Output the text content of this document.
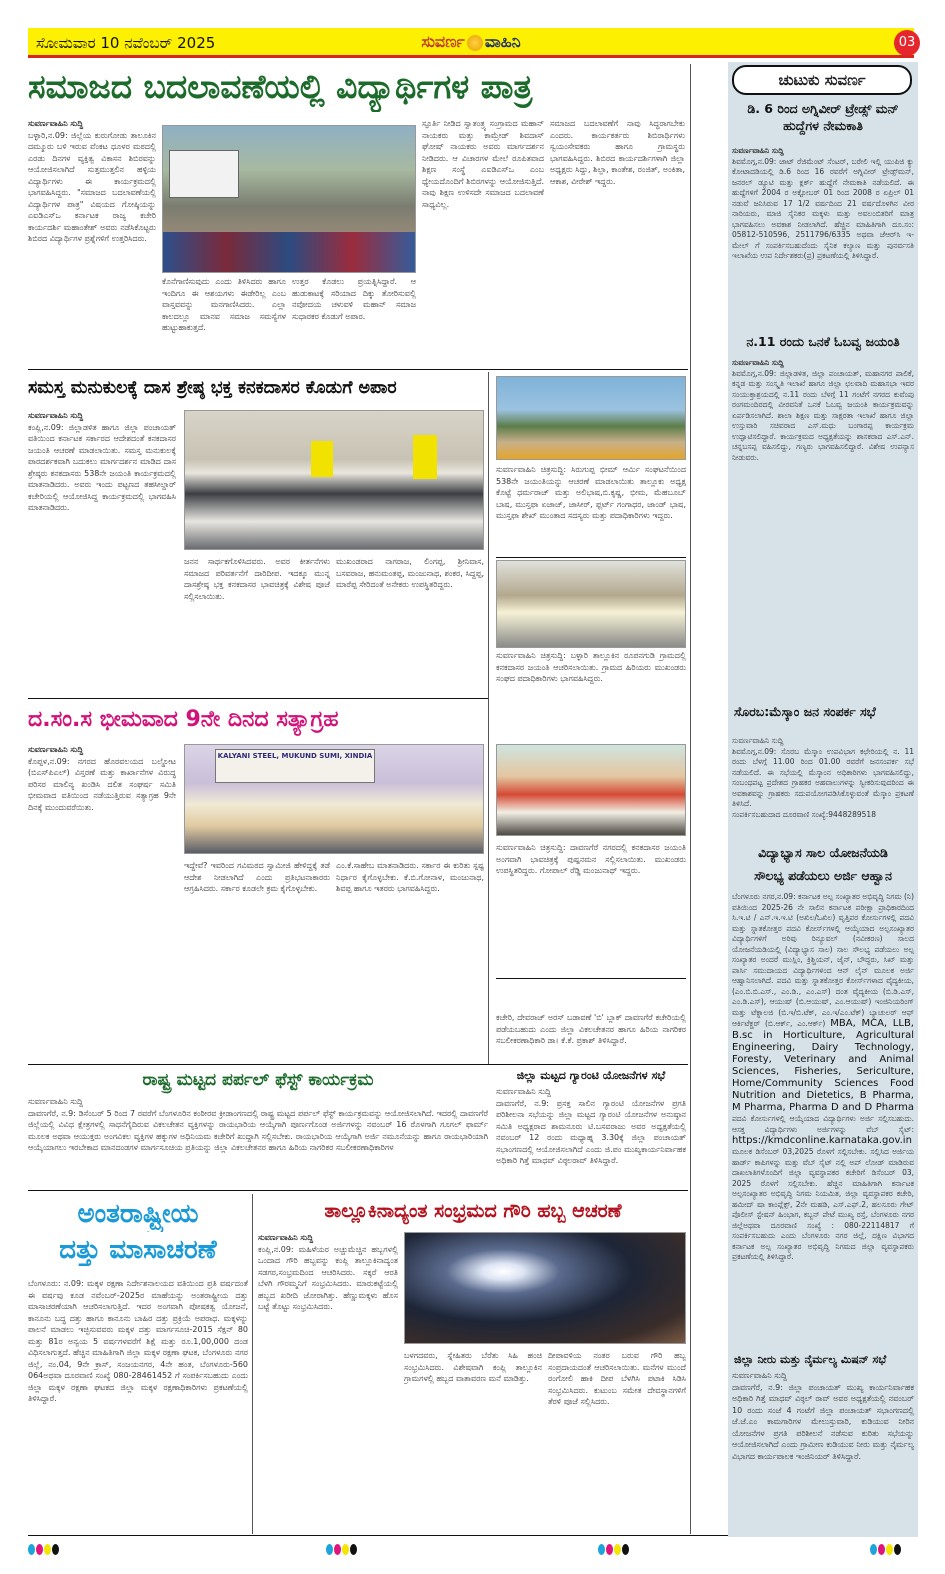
ಸೋಮವಾರ 10 ನವೆಂಬರ್ 2025	ಸುವರ್ಣ ವಾಹಿನಿ	03
ಸಮಾಜದ ಬದಲಾವಣೆಯಲ್ಲಿ ವಿದ್ಯಾರ್ಥಿಗಳ ಪಾತ್ರ
ಸುವರ್ಣವಾಹಿನಿ ಸುದ್ದಿ
ಬಳ್ಳಾರಿ,ನ.09: ಜಿಲ್ಲೆಯ ಕುರುಗೋಡು ತಾಲೂಕಿನ ದಮ್ಮೂರು ಬಳಿ ಇರುವ ವೆಂಕಟ ಧೂಳರ ಮಠದಲ್ಲಿ ಎರಡು ದಿನಗಳ ವ್ಯಕ್ತಿತ್ವ ವಿಕಾಸನ ಶಿಬಿರವನ್ನು ಆಯೋಜಿಸಲಾಗಿದೆ ಸುತ್ತಮುತ್ತಲಿನ ಹಳ್ಳಿಯ ವಿದ್ಯಾರ್ಥಿಗಳು ಈ ಕಾರ್ಯಕ್ರಮದಲ್ಲಿ ಭಾಗವಹಿಸಿದ್ದರು. "ಸಮಾಜದ ಬದಲಾವಣೆಯಲ್ಲಿ ವಿದ್ಯಾರ್ಥಿಗಳ ಪಾತ್ರ" ವಿಷಯದ ಗೋಷ್ಠಿಯನ್ನು ಎಐಡಿಎಸ್‌ಒ ಕರ್ನಾಟಕ ರಾಜ್ಯ ಕಚೇರಿ ಕಾರ್ಯದರ್ಶಿ ಮಹಾಂತೇಶ್ ಅವರು ನಡೆಸಿಕೊಟ್ಟರು ಶಿಬಿರದ ವಿದ್ಯಾರ್ಥಿಗಳ ಪ್ರಶ್ನೆಗಳಿಗೆ ಉತ್ತರಿಸಿದರು.
ಕೊನೆಗಾಣಿಸುವುದು ಎಂದು ತಿಳಿಸಿದರು ಹಾಗೂ ಇಂದಿಗೂ ಈ ಆಶಯಗಳು ಈಡೇರಿಲ್ಲ ಎಂಬ ವಾಸ್ತವವನ್ನು ಮನಗಾಣಿಸಿದರು. ಎಲ್ಲಾ ಕಾಲದಲ್ಲೂ ಮಾನವ ಸಮಾಜ ಸಮಸ್ಯೆಗಳ ಹುಟ್ಟುಹಾಕುತ್ತದೆ.
ಉತ್ತರ ಕೊಡಲು ಪ್ರಯತ್ನಿಸಿದ್ದಾರೆ. ಆ ಹುಡುಕಾಟಕ್ಕೆ ಸರಿಯಾದ ದಿಕ್ಕು ತೋರಿಸುವಲ್ಲಿ ನವೋದಯ ಚಳುವಳಿ ಮಹಾನ್ ಸಮಾಜ ಸುಧಾರಕರ ಕೊಡುಗೆ ಅಪಾರ.
ಸ್ಫೂರ್ತಿ ನೀಡಿದ ಸ್ವಾತಂತ್ರ್ಯ ಸಂಗ್ರಾಮದ ಮಹಾನ್ ನಾಯಕರು ಮತ್ತು ಕಾಮ್ರೇಡ್ ಶಿವದಾಸ್ ಘೋಷ್ ನಾಯಕರು ಅವರು ಮಾರ್ಗದರ್ಶನ ನೀಡಿದರು. ಆ ವಿಚಾರಗಳ ಮೇಲೆ ರೂಪಿತವಾದ ಶಿಕ್ಷಣ ಸಂಸ್ಥೆ ಎಐಡಿಎಸ್‌ಒ ಎಂಬ ಧ್ಯೇಯದೊಂದಿಗೆ ಶಿಬಿರಗಳನ್ನು ಆಯೋಜಿಸುತ್ತಿದೆ. ನಾವು ಶಿಕ್ಷಣ ಉಳಿಸದೇ ಸಮಾಜದ ಬದಲಾವಣೆ ಸಾಧ್ಯವಿಲ್ಲ.
ಸಮಾಜದ ಬದಲಾವಣೆಗೆ ನಾವು ಸಿದ್ಧರಾಗಬೇಕು ಎಂದರು. ಕಾರ್ಯಕರ್ತರು ಶಿಬಿರಾರ್ಥಿಗಳು ಸ್ವಯಂಸೇವಕರು ಹಾಗೂ ಗ್ರಾಮಸ್ಥರು ಭಾಗವಹಿಸಿದ್ದರು. ಶಿಬಿರದ ಕಾರ್ಯದರ್ಶಿಗಳಾಗಿ ಜಿಲ್ಲಾ ಅಧ್ಯಕ್ಷರು ಸಿದ್ದು, ಶಿಲ್ಪಾ, ಕಾಂತೇಶ, ರಂಜಿತ್, ಅಂಕಿತಾ, ಆಕಾಶ, ವೀರೇಶ್ ಇದ್ದರು.
ಸಮಸ್ತ ಮನುಕುಲಕ್ಕೆ ದಾಸ ಶ್ರೇಷ್ಠ ಭಕ್ತ ಕನಕದಾಸರ ಕೊಡುಗೆ ಅಪಾರ
ಸುವರ್ಣವಾಹಿನಿ ಸುದ್ದಿ
ಕಂಪ್ಲಿ,ನ.09: ಜಿಲ್ಲಾಡಳಿತ ಹಾಗೂ ಜಿಲ್ಲಾ ಪಂಚಾಯತ್ ವತಿಯಿಂದ ಕರ್ನಾಟಕ ಸರ್ಕಾರದ ಆದೇಶದಂತೆ ಕನಕದಾಸರ ಜಯಂತಿ ಆಚರಣೆ ಮಾಡಲಾಯಿತು. ಸಮಸ್ತ ಮನುಕುಲಕ್ಕೆ ಪಾರದರ್ಶಕವಾಗಿ ಬದುಕಲು ಮಾರ್ಗದರ್ಶನ ಮಾಡಿದ ದಾಸ ಶ್ರೇಷ್ಠರು ಕನಕದಾಸರು 538ನೇ ಜಯಂತಿ ಕಾರ್ಯಕ್ರಮದಲ್ಲಿ ಮಾತನಾಡಿದರು. ಅವರು ಇಂದು ಪಟ್ಟಣದ ತಹಸೀಲ್ದಾರ್ ಕಚೇರಿಯಲ್ಲಿ ಆಯೋಜಿಸಿದ್ದ ಕಾರ್ಯಕ್ರಮದಲ್ಲಿ ಭಾಗವಹಿಸಿ ಮಾತನಾಡಿದರು.
ಜನನ ಸಾರ್ಥಕಗೊಳಿಸಿದವರು. ಅವರ ಕೀರ್ತನೆಗಳು ಸಮಾಜದ ಪರಿವರ್ತನೆಗೆ ದಾರಿದೀಪ. ಇದಕ್ಕೂ ಮುನ್ನ ದಾಸಶ್ರೇಷ್ಠ ಭಕ್ತ ಕನಕದಾಸರ ಭಾವಚಿತ್ರಕ್ಕೆ ವಿಶೇಷ ಪೂಜೆ ಸಲ್ಲಿಸಲಾಯಿತು.
ಮುಖಂಡರಾದ ನಾಗರಾಜ, ಲಿಂಗಪ್ಪ, ಶ್ರೀನಿವಾಸ, ಬಸವರಾಜ, ಹನುಮಂತಪ್ಪ, ಮಂಜುನಾಥ, ಶಂಕರ, ಸಿದ್ದಪ್ಪ, ಮಾರೆಪ್ಪ ಸೇರಿದಂತೆ ಅನೇಕರು ಉಪಸ್ಥಿತರಿದ್ದರು.
ಸುವರ್ಣವಾಹಿನಿ ಚಿತ್ರಸುದ್ದಿ: ಸಿರುಗುಪ್ಪ ಭೀಮ್ ಆರ್ಮಿ ಸಂಘಟನೆಯಿಂದ 538ನೇ ಜಯಂತಿಯನ್ನು ಆಚರಣೆ ಮಾಡಲಾಯಿತು ತಾಲ್ಲೂಕು ಅಧ್ಯಕ್ಷ ಕೊಟ್ಟೆ ಧರ್ಮರಾಜ್ ಮತ್ತು ಅಲಿಭಾಷ,ಬಿ.ಕೃಷ್ಣ, ಭೀಮ, ಮೆಹಬೂಬ್ ಬಾಷ, ಮುಸ್ತಫಾ ಏಜಾಜ್, ಜಾಸೀರ್, ಫ್ಲರ್ಟ್ ಗಂಗಾಧರ, ಜಾಂಡ್ ಭಾಷ, ಮುಸ್ತಫಾ ಶೇಖ್ ಮುಂತಾದ ಸದಸ್ಯರು ಮತ್ತು ಪದಾಧಿಕಾರಿಗಳು ಇದ್ದರು.
ಸುವರ್ಣವಾಹಿನಿ ಚಿತ್ರಸುದ್ದಿ: ಬಳ್ಳಾರಿ ತಾಲ್ಲೂಕಿನ ರೂಪನಗುಡಿ ಗ್ರಾಮದಲ್ಲಿ ಕನಕದಾಸರ ಜಯಂತಿ ಆಚರಿಸಲಾಯಿತು. ಗ್ರಾಮದ ಹಿರಿಯರು ಮುಖಂಡರು ಸಂಘದ ಪದಾಧಿಕಾರಿಗಳು ಭಾಗವಹಿಸಿದ್ದರು.
ಸುವರ್ಣವಾಹಿನಿ ಚಿತ್ರಸುದ್ದಿ: ದಾವಣಗೆರೆ ನಗರದಲ್ಲಿ ಕನಕದಾಸರ ಜಯಂತಿ ಅಂಗವಾಗಿ ಭಾವಚಿತ್ರಕ್ಕೆ ಪುಷ್ಪನಮನ ಸಲ್ಲಿಸಲಾಯಿತು. ಮುಖಂಡರು ಉಪಸ್ಥಿತರಿದ್ದರು. ಗೋಪಾಲ್ ರೆಡ್ಡಿ ಮಂಜುನಾಥ್ ಇದ್ದರು.
ಕಚೇರಿ, ದೇವರಾಜ್ ಅರಸ್ ಬಡಾವಣೆ 'ಬಿ' ಬ್ಲಾಕ್ ದಾವಣಗೆರೆ ಕಚೇರಿಯಲ್ಲಿ ಪಡೆಯಬಹುದು ಎಂದು ಜಿಲ್ಲಾ ವಿಕಲಚೇತನರ ಹಾಗೂ ಹಿರಿಯ ನಾಗರಿಕರ ಸಬಲೀಕರಣಾಧಿಕಾರಿ ಡಾ। ಕೆ.ಕೆ. ಪ್ರಕಾಶ್ ತಿಳಿಸಿದ್ದಾರೆ.
ದ.ಸಂ.ಸ ಭೀಮವಾದ 9ನೇ ದಿನದ ಸತ್ಯಾಗ್ರಹ
ಸುವರ್ಣವಾಹಿನಿ ಸುದ್ದಿ
ಕೊಪ್ಪಳ,ನ.09: ನಗರದ ಹೊರವಲಯದ ಬಲ್ಡೋಟ (ಬಿಎಸ್‌ಪಿಎಲ್) ವಿಸ್ತರಣೆ ಮತ್ತು ಕಾರ್ಖಾನೆಗಳ ವಿರುದ್ಧ ಪರಿಸರ ಮಾಲಿನ್ಯ ಖಂಡಿಸಿ ದಲಿತ ಸಂಘರ್ಷ ಸಮಿತಿ ಭೀಮವಾದ ವತಿಯಿಂದ ನಡೆಯುತ್ತಿರುವ ಸತ್ಯಾಗ್ರಹ 9ನೇ ದಿನಕ್ಕೆ ಮುಂದುವರೆಯಿತು.
KALYANI STEEL, MUKUND SUMI, XINDIA
ಇದ್ದೇವೆ? ಇವರಿಂದ ಗವಿಮಠದ ಸ್ವಾಮೀಜಿ ಹೇಳಿದ್ದಕ್ಕೆ ತಡೆ ಆದೇಶ ನೀಡಲಾಗಿದೆ ಎಂದು ಪ್ರತಿಭಟನಾಕಾರರು ಆಗ್ರಹಿಸಿದರು. ಸರ್ಕಾರ ಕೂಡಲೇ ಕ್ರಮ ಕೈಗೊಳ್ಳಬೇಕು.
ಎಂ.ಕೆ.ಸಾಹೇಬ ಮಾತನಾಡಿದರು. ಸರ್ಕಾರ ಈ ಕುರಿತು ಸ್ಪಷ್ಟ ನಿರ್ಧಾರ ಕೈಗೊಳ್ಳಬೇಕು. ಕೆ.ಬಿ.ಗೋನಾಳ, ಮಂಜುನಾಥ, ಶಿವಪ್ಪ ಹಾಗೂ ಇತರರು ಭಾಗವಹಿಸಿದ್ದರು.
ರಾಷ್ಟ್ರ ಮಟ್ಟದ ಪರ್ಪಲ್ ಫೆಸ್ಟ್ ಕಾರ್ಯಕ್ರಮ
ಸುವರ್ಣವಾಹಿನಿ ಸುದ್ದಿ
ದಾವಣಗೆರೆ, ನ.9: ಡಿಸೆಂಬರ್ 5 ರಿಂದ 7 ರವರೆಗೆ ಬೆಂಗಳೂರಿನ ಕಂಠೀರವ ಕ್ರೀಡಾಂಗಣದಲ್ಲಿ ರಾಷ್ಟ್ರ ಮಟ್ಟದ ಪರ್ಪಲ್ ಫೆಸ್ಟ್ ಕಾರ್ಯಕ್ರಮವನ್ನು ಆಯೋಜಿಸಲಾಗಿದೆ. ಇದರಲ್ಲಿ ದಾವಣಗೆರೆ ಜಿಲ್ಲೆಯಲ್ಲಿ ವಿವಿಧ ಕ್ಷೇತ್ರಗಳಲ್ಲಿ ಸಾಧನೆಗೈದಿರುವ ವಿಕಲಚೇತನ ವ್ಯಕ್ತಿಗಳನ್ನು ರಾಯಭಾರಿಯ ಆಯ್ಕೆಗಾಗಿ ಪೂರ್ಣಗೊಂಡ ಅರ್ಜಿಗಳನ್ನು ನವಂಬರ್ 16 ರೊಳಗಾಗಿ ಗೂಗಲ್ ಫಾರ್ಮ್ ಮೂಲಕ ಅಥವಾ ಆಯುಕ್ತರು ಅಂಗವಿಕಲ ವ್ಯಕ್ತಿಗಳ ಹಕ್ಕುಗಳ ಅಧಿನಿಯಮ ಕಚೇರಿಗೆ ಖುದ್ದಾಗಿ ಸಲ್ಲಿಸಬೇಕು. ರಾಯಭಾರಿಯ ಆಯ್ಕೆಗಾಗಿ ಅರ್ಜಿ ನಮೂನೆಯನ್ನು ಹಾಗೂ ರಾಯಭಾರಿಯಾಗಿ ಆಯ್ಕೆಯಾಗಲು ಇರಬೇಕಾದ ಮಾನದಂಡಗಳ ಮಾರ್ಗಸೂಚಿಯ ಪ್ರತಿಯನ್ನು ಜಿಲ್ಲಾ ವಿಕಲಚೇತನರ ಹಾಗೂ ಹಿರಿಯ ನಾಗರಿಕರ ಸಬಲೀಕರಣಾಧಿಕಾರಿಗಳ
ಜಿಲ್ಲಾ ಮಟ್ಟದ ಗ್ಯಾರಂಟಿ ಯೋಜನೆಗಳ ಸಭೆ
ಸುವರ್ಣವಾಹಿನಿ ಸುದ್ದಿ
ದಾವಣಗೆರೆ, ನ.9: ಪ್ರಸಕ್ತ ಸಾಲಿನ ಗ್ಯಾರಂಟಿ ಯೋಜನೆಗಳ ಪ್ರಗತಿ ಪರಿಶೀಲನಾ ಸಭೆಯನ್ನು ಜಿಲ್ಲಾ ಮಟ್ಟದ ಗ್ಯಾರಂಟಿ ಯೋಜನೆಗಳ ಅನುಷ್ಠಾನ ಸಮಿತಿ ಅಧ್ಯಕ್ಷರಾದ ಶಾಮನೂರು ಟಿ.ಬಸವರಾಜು ಅವರ ಅಧ್ಯಕ್ಷತೆಯಲ್ಲಿ ನವಂಬರ್ 12 ರಂದು ಮಧ್ಯಾಹ್ನ 3.30ಕ್ಕೆ ಜಿಲ್ಲಾ ಪಂಚಾಯತ್ ಸಭಾಂಗಣದಲ್ಲಿ ಆಯೋಜಿಸಲಾಗಿದೆ ಎಂದು ಜಿ.ಪಂ ಮುಖ್ಯಕಾರ್ಯನಿರ್ವಾಹಕ ಅಧಿಕಾರಿ ಗಿತ್ತೆ ಮಾಧವ್ ವಿಠ್ಠಲರಾವ್ ತಿಳಿಸಿದ್ದಾರೆ.
ಅಂತರಾಷ್ಟ್ರೀಯ
ದತ್ತು ಮಾಸಾಚರಣೆ
ಬೆಂಗಳೂರು: ನ.09: ಮಕ್ಕಳ ರಕ್ಷಣಾ ನಿರ್ದೇಶನಾಲಯದ ವತಿಯಿಂದ ಪ್ರತಿ ವರ್ಷದಂತೆ ಈ ವರ್ಷವು ಕೂಡ ನವೆಂಬರ್-2025ರ ಮಾಹೆಯನ್ನು ಅಂತರಾಷ್ಟ್ರೀಯ ದತ್ತು ಮಾಸಾಚರಣೆಯಾಗಿ ಆಚರಿಸಲಾಗುತ್ತಿದೆ. ಇದರ ಅಂಗವಾಗಿ ಪೋಷಕತ್ವ ಯೋಜನೆ, ಕಾನೂನು ಬದ್ಧ ದತ್ತು ಹಾಗೂ ಕಾನೂನು ಬಾಹಿರ ದತ್ತು ಪ್ರಕ್ರಿಯೆ ಅಪರಾಧ. ಮಕ್ಕಳನ್ನು ಪಾಲನೆ ಮಾಡಲು ಇಚ್ಛಿಸುವವರು ಮಕ್ಕಳ ದತ್ತು ಮಾರ್ಗಸೂಚಿ-2015 ಸೆಕ್ಷನ್ 80 ಮತ್ತು 81ರ ಅನ್ವಯ 5 ವರ್ಷಗಳವರೆಗೆ ಶಿಕ್ಷೆ ಮತ್ತು ರೂ.1,00,000 ದಂಡ ವಿಧಿಸಲಾಗುತ್ತದೆ. ಹೆಚ್ಚಿನ ಮಾಹಿತಿಗಾಗಿ ಜಿಲ್ಲಾ ಮಕ್ಕಳ ರಕ್ಷಣಾ ಘಟಕ, ಬೆಂಗಳೂರು ನಗರ ಜಿಲ್ಲೆ, ನಂ.04, 9ನೇ ಕ್ರಾಸ್, ಸಂಜಯನಗರ, 4ನೇ ಹಂತ, ಬೆಂಗಳೂರು-560 064ಅಥವಾ ದೂರವಾಣಿ ಸಂಖ್ಯೆ 080-28461452 ಗೆ ಸಂಪರ್ಕಿಸಬಹುದು ಎಂದು ಜಿಲ್ಲಾ ಮಕ್ಕಳ ರಕ್ಷಣಾ ಘಟಕದ ಜಿಲ್ಲಾ ಮಕ್ಕಳ ರಕ್ಷಣಾಧಿಕಾರಿಗಳು ಪ್ರಕಟಣೆಯಲ್ಲಿ ತಿಳಿಸಿದ್ದಾರೆ.
ತಾಲ್ಲೂಕಿನಾದ್ಯಂತ ಸಂಭ್ರಮದ ಗೌರಿ ಹಬ್ಬ ಆಚರಣೆ
ಸುವರ್ಣವಾಹಿನಿ ಸುದ್ದಿ
ಕಂಪ್ಲಿ,ನ.09: ಮಹಿಳೆಯರ ಅಚ್ಚುಮೆಚ್ಚಿನ ಹಬ್ಬಗಳಲ್ಲಿ ಒಂದಾದ ಗೌರಿ ಹಬ್ಬವನ್ನು ಕಂಪ್ಲಿ ತಾಲ್ಲೂಕಿನಾದ್ಯಂತ ಸಡಗರ,ಸಂಭ್ರಮದಿಂದ ಆಚರಿಸಿದರು. ಸಕ್ಕರೆ ಆರತಿ ಬೆಳಗಿ ಗೌರಮ್ಮನಿಗೆ ಸಂಭ್ರಮಿಸಿದರು. ಮಾರುಕಟ್ಟೆಯಲ್ಲಿ ಹಬ್ಬದ ಖರೀದಿ ಜೋರಾಗಿತ್ತು. ಹೆಣ್ಣುಮಕ್ಕಳು ಹೊಸ ಬಟ್ಟೆ ತೊಟ್ಟು ಸಂಭ್ರಮಿಸಿದರು.
ಬಳಗದವರು, ಸ್ನೇಹಿತರು ಬೆರೆತು ಸಿಹಿ ಹಂಚಿ ಸಂಭ್ರಮಿಸಿದರು. ವಿಶೇಷವಾಗಿ ಕಂಪ್ಲಿ ತಾಲ್ಲೂಕಿನ ಗ್ರಾಮಗಳಲ್ಲಿ ಹಬ್ಬದ ವಾತಾವರಣ ಮನೆ ಮಾಡಿತ್ತು.
ದೀಪಾವಳಿಯ ನಂತರ ಬರುವ ಗೌರಿ ಹಬ್ಬ ಸಂಪ್ರದಾಯದಂತೆ ಆಚರಿಸಲಾಯಿತು. ಮನೆಗಳ ಮುಂದೆ ರಂಗೋಲಿ ಹಾಕಿ ದೀಪ ಬೆಳಗಿಸಿ ಪಟಾಕಿ ಸಿಡಿಸಿ ಸಂಭ್ರಮಿಸಿದರು. ಕುಟುಂಬ ಸಮೇತ ದೇವಸ್ಥಾನಗಳಿಗೆ ತೆರಳಿ ಪೂಜೆ ಸಲ್ಲಿಸಿದರು.
ಚುಟುಕು ಸುವರ್ಣ
ಡಿ. 6 ರಿಂದ ಅಗ್ನಿವೀರ್ ಟ್ರೇಡ್ಸ್ ಮನ್ ಹುದ್ದೆಗಳ ನೇಮಕಾತಿ
ಸುವರ್ಣವಾಹಿನಿ ಸುದ್ದಿ
ಶಿವಮೊಗ್ಗ,ನ.09: ಜಾಟ್ ರೆಜಿಮೆಂಟ್ ಸೆಂಟರ್, ಬರೇಲಿ ಇಲ್ಲಿ ಯುಪಿಜಿ ಕ್ಯು ಕೋಟಾದಡಿಯಲ್ಲಿ ಡಿ.6 ರಿಂದ 16 ರವರೆಗೆ ಅಗ್ನಿವೀರ್ ಟ್ರೇಡ್ಸ್‌ಮನ್, ಜನರಲ್ ಡ್ಯೂಟಿ ಮತ್ತು ಕ್ಲರ್ಕ್ ಹುದ್ದೆಗೆ ನೇಮಕಾತಿ ನಡೆಯಲಿದೆ. ಈ ಹುದ್ದೆಗಳಿಗೆ 2004 ರ ಅಕ್ಟೋಬರ್ 01 ರಿಂದ 2008 ರ ಏಪ್ರಿಲ್ 01 ನಡುವೆ ಜನಿಸಿರುವ 17 1/2 ವರ್ಷದಿಂದ 21 ವರ್ಷದೊಳಗಿನ ವೀರ ನಾರಿಯರು, ಮಾಜಿ ಸೈನಿಕರ ಮಕ್ಕಳು ಮತ್ತು ಅವಲಂಬಿತರಿಗೆ ಮಾತ್ರ ಭಾಗವಹಿಸಲು ಅವಕಾಶ ನೀಡಲಾಗಿದೆ. ಹೆಚ್ಚಿನ ಮಾಹಿತಿಗಾಗಿ ದೂ.ಸಂ: 05812-510596, 2511796/6335 ಅಥವಾ ಜೆಆರ್‌ಸಿ ಇ-ಮೇಲ್ ಗೆ ಸಂಪರ್ಕಿಸಬಹುದೆಂದು ಸೈನಿಕ ಕಲ್ಯಾಣ ಮತ್ತು ಪುನರ್ವಸತಿ ಇಲಾಖೆಯ ಉಪ ನಿರ್ದೇಶಕರು(ಪ್ರ) ಪ್ರಕಟಣೆಯಲ್ಲಿ ತಿಳಿಸಿದ್ದಾರೆ.
ನ.11 ರಂದು ಒನಕೆ ಓಬವ್ವ ಜಯಂತಿ
ಸುವರ್ಣವಾಹಿನಿ ಸುದ್ದಿ
ಶಿವಮೊಗ್ಗ,ನ.09: ಜಿಲ್ಲಾಡಳಿತ, ಜಿಲ್ಲಾ ಪಂಚಾಯತ್, ಮಹಾನಗರ ಪಾಲಿಕೆ, ಕನ್ನಡ ಮತ್ತು ಸಂಸ್ಕೃತಿ ಇಲಾಖೆ ಹಾಗೂ ಜಿಲ್ಲಾ ಛಲವಾದಿ ಮಹಾಸಭಾ ಇವರ ಸಂಯುಕ್ತಾಶ್ರಯದಲ್ಲಿ ನ.11 ರಂದು ಬೆಳಗ್ಗೆ 11 ಗಂಟೆಗೆ ನಗರದ ಕುವೆಂಪು ರಂಗಮಂದಿರದಲ್ಲಿ ವೀರವನಿತೆ ಒನಕೆ ಓಬವ್ವ ಜಯಂತಿ ಕಾರ್ಯಕ್ರಮವನ್ನು ಏರ್ಪಡಿಸಲಾಗಿದೆ. ಶಾಲಾ ಶಿಕ್ಷಣ ಮತ್ತು ಸಾಕ್ಷರತಾ ಇಲಾಖೆ ಹಾಗೂ ಜಿಲ್ಲಾ ಉಸ್ತುವಾರಿ ಸಚಿವರಾದ ಎಸ್.ಮಧು ಬಂಗಾರಪ್ಪ ಕಾರ್ಯಕ್ರಮ ಉದ್ಘಾಟಿಸಲಿದ್ದಾರೆ. ಕಾರ್ಯಕ್ರಮದ ಅಧ್ಯಕ್ಷತೆಯನ್ನು ಶಾಸಕರಾದ ಎಸ್.ಎನ್. ಚನ್ನಬಸಪ್ಪ ವಹಿಸಲಿದ್ದು, ಗಣ್ಯರು ಭಾಗವಹಿಸಲಿದ್ದಾರೆ. ವಿಶೇಷ ಉಪನ್ಯಾಸ ನೀಡುವರು.
ಸೊರಬ:ಮೆಸ್ಕಾಂ ಜನ ಸಂಪರ್ಕ ಸಭೆ
ಸುವರ್ಣವಾಹಿನಿ ಸುದ್ದಿ
ಶಿವಮೊಗ್ಗ,ನ.09: ಸೊರಬ ಮೆಸ್ಕಾಂ ಉಪವಿಭಾಗ ಕಛೇರಿಯಲ್ಲಿ ನ. 11 ರಂದು ಬೆಳಗ್ಗೆ 11.00 ರಿಂದ 01.00 ರವರೆಗೆ ಜನಸಂಪರ್ಕ ಸಭೆ ನಡೆಯಲಿದೆ. ಈ ಸಭೆಯಲ್ಲಿ ಮೆಸ್ಕಾಂನ ಅಧಿಕಾರಿಗಳು ಭಾಗವಹಿಸಲಿದ್ದು, ಸಂಬಂಧಪಟ್ಟ ಪ್ರದೇಶದ ಗ್ರಾಹಕರ ಅಹವಾಲುಗಳನ್ನು ಸ್ವೀಕರಿಸುವುದರಿಂದ ಈ ಅವಕಾಶವನ್ನು ಗ್ರಾಹಕರು ಸದುಪಯೋಗಪಡಿಸಿಕೊಳ್ಳುವಂತೆ ಮೆಸ್ಕಾಂ ಪ್ರಕಟಣೆ ತಿಳಿಸಿದೆ.
ಸಂಪರ್ಕಿಸಬಹುದಾದ ದೂರವಾಣಿ ಸಂಖ್ಯೆ:9448289518
ವಿದ್ಯಾಭ್ಯಾಸ ಸಾಲ ಯೋಜನೆಯಡಿ
ಸೌಲಭ್ಯ ಪಡೆಯಲು ಅರ್ಜಿ ಆಹ್ವಾನ
ಬೆಂಗಳೂರು ನಗರ,ನ.09: ಕರ್ನಾಟಕ ಅಲ್ಪ ಸಂಖ್ಯಾತರ ಅಭಿವೃದ್ಧಿ ನಿಗಮ (ನಿ) ವತಿಯಿಂದ 2025-26 ನೇ ಸಾಲಿನ ಕರ್ನಾಟಕ ಪರೀಕ್ಷಾ ಪ್ರಾಧಿಕಾರದಿಂದ ಸಿ.ಇ.ಟಿ / ಎನ್.ಇ.ಇ.ಟಿ (ಅಖಿಲ/ಓಖಿಲ) ವೃತ್ತಿಪರ ಕೋರ್ಸುಗಳಲ್ಲಿ ಪದವಿ ಮತ್ತು ಸ್ನಾತಕೋತ್ತರ ಪದವಿ ಕೋರ್ಸ್‌ಗಳಲ್ಲಿ ಆಯ್ಕೆಯಾದ ಅಲ್ಪಸಂಖ್ಯಾತರ ವಿದ್ಯಾರ್ಥಿಗಳಿಗೆ ಅರಿವು ರಿನ್ಯೂವಲ್ (ನವೀಕರಣ) ಸಾಲದ ಯೋಜನೆಯಡಿಯಲ್ಲಿ (ವಿದ್ಯಾಭ್ಯಾಸ ಸಾಲ) ಸಾಲ ಸೌಲಭ್ಯ ಪಡೆಯಲು ಅಲ್ಪ ಸಂಖ್ಯಾತರ ಅಂದರೆ ಮುಸ್ಲಿಂ, ಕ್ರಿಶ್ಚಿಯನ್, ಜೈನ್, ಬೌದ್ಧರು, ಸಿಖ್ ಮತ್ತು ಪಾರ್ಸಿ ಸಮುದಾಯದ ವಿದ್ಯಾರ್ಥಿಗಳಿಂದ ಆನ್ ಲೈನ್ ಮೂಲಕ ಅರ್ಜಿ ಆಹ್ವಾನಿಸಲಾಗಿದೆ. ಪದವಿ ಮತ್ತು ಸ್ನಾತಕೋತ್ತರ ಕೋರ್ಸ್‌ಗಳಾದ ವೈದ್ಯಕೀಯ, (ಎಂ.ಬಿ.ಬಿ.ಎಸ್., ಎಂ.ಡಿ., ಎಂ.ಎಸ್) ದಂತ ವೈದ್ಯಕೀಯ (ಬಿ.ಡಿ.ಎಸ್, ಎಂ.ಡಿ.ಎಸ್), ಆಯುಷ್ (ಬಿ.ಆಯುಷ್, ಎಂ.ಆಯುಷ್) ಇಂಜಿನಿಯರಿಂಗ್ ಮತ್ತು ಟೆಕ್ನಾಲಜಿ (ಬಿ.ಇ/ಬಿ.ಟೆಕ್, ಎಂ.ಇ/ಎಂ.ಟೆಕ್) ಬ್ಯಾಚುಲರ್ ಆಫ್ ಆರ್ಕಿಟೆಕ್ಚರ್ (ಬಿ.ಆರ್ಕ್, ಎಂ.ಆರ್ಕ್) MBA, MCA, LLB, B.sc in Horticulture, Agricultural Engineering, Dairy Technology, Foresty, Veterinary and Animal Sciences, Fisheries, Sericulture, Home/Community Sciences Food Nutrition and Dietetics, B Pharma, M Pharma, Pharma D and D Pharma ಪದವಿ ಕೋರ್ಸುಗಳಲ್ಲಿ ಆಯ್ಕೆಯಾದ ವಿದ್ಯಾರ್ಥಿಗಳು ಅರ್ಜಿ ಸಲ್ಲಿಸಬಹುದು. ಆಸಕ್ತ ವಿದ್ಯಾರ್ಥಿಗಳು ಅರ್ಜಿಗಳನ್ನು ವೆಬ್ ಸೈಟ್: https://kmdconline.karnataka.gov.in ಮೂಲಕ ಡಿಸೆಂಬರ್ 03,2025 ರೊಳಗೆ ಸಲ್ಲಿಸಬೇಕು. ಸಲ್ಲಿಸಿದ ಅರ್ಜಿಯ ಹಾರ್ಡ್ ಕಾಪಿಗಳನ್ನು ಮತ್ತು ವೆಬ್ ಸೈಟ್ ನಲ್ಲಿ ಅಪ್ ಲೋಡ್ ಮಾಡಿರುವ ದಾಖಲಾತಿಗಳೊಂದಿಗೆ ಜಿಲ್ಲಾ ವ್ಯವಸ್ಥಾಪಕರ ಕಚೇರಿಗೆ ಡಿಸೆಂಬರ್ 03, 2025 ರೊಳಗೆ ಸಲ್ಲಿಸಬೇಕು. ಹೆಚ್ಚಿನ ಮಾಹಿತಿಗಾಗಿ ಕರ್ನಾಟಕ ಅಲ್ಪಸಂಖ್ಯಾತರ ಅಭಿವೃದ್ಧಿ ನಿಗಮ ನಿಯಮಿತ, ಜಿಲ್ಲಾ ವ್ಯವಸ್ಥಾಪಕರ ಕಚೇರಿ, ಹಮೀದ್ ಷಾ ಕಾಂಪ್ಲೆಕ್ಸ್, 2ನೇ ಮಹಡಿ, ಎಸ್.ಎಫ್.2, ಹಲಸೂರು ಗೇಟ್ ಪೊಲೀಸ್ ಸ್ಟೇಷನ್ ಹಿಂಭಾಗ, ಕಬ್ಬನ್ ಪೇಟೆ ಮುಖ್ಯ ರಸ್ತೆ, ಬೆಂಗಳೂರು ನಗರ ಜಿಲ್ಲೆಅಥವಾ ದೂರವಾಣಿ ಸಂಖ್ಯೆ : 080-22114817 ಗೆ ಸಂಪರ್ಕಿಸಬಹುದು ಎಂದು ಬೆಂಗಳೂರು ನಗರ ಜಿಲ್ಲೆ, ದಕ್ಷಿಣ ವಿಭಾಗದ ಕರ್ನಾಟಕ ಅಲ್ಪ ಸಂಖ್ಯಾತರ ಅಭಿವೃದ್ಧಿ ನಿಗಮದ ಜಿಲ್ಲಾ ವ್ಯವಸ್ಥಾಪಕರು ಪ್ರಕಟಣೆಯಲ್ಲಿ ತಿಳಿಸಿದ್ದಾರೆ.
ಜಿಲ್ಲಾ ನೀರು ಮತ್ತು ನೈರ್ಮಲ್ಯ ಮಿಷನ್ ಸಭೆ
ಸುವರ್ಣವಾಹಿನಿ ಸುದ್ದಿ
ದಾವಣಗೆರೆ, ನ.9: ಜಿಲ್ಲಾ ಪಂಚಾಯತ್ ಮುಖ್ಯ ಕಾರ್ಯನಿರ್ವಾಹಕ ಅಧಿಕಾರಿ ಗಿತ್ತೆ ಮಾಧವ್ ವಿಠ್ಠಲ್ ರಾವ್ ಅವರ ಅಧ್ಯಕ್ಷತೆಯಲ್ಲಿ ನವಂಬರ್ 10 ರಂದು ಸಂಜೆ 4 ಗಂಟೆಗೆ ಜಿಲ್ಲಾ ಪಂಚಾಯತ್ ಸಭಾಂಗಣದಲ್ಲಿ ಜೆ.ಜೆ.ಎಂ ಕಾಮಗಾರಿಗಳ ಮೇಲುಸ್ತುವಾರಿ, ಕುಡಿಯುವ ನೀರಿನ ಯೋಜನೆಗಳ ಪ್ರಗತಿ ಪರಿಶೀಲನೆ ನಡೆಸುವ ಕುರಿತು ಸಭೆಯನ್ನು ಆಯೋಜಿಸಲಾಗಿದೆ ಎಂದು ಗ್ರಾಮೀಣ ಕುಡಿಯುವ ನೀರು ಮತ್ತು ನೈರ್ಮಲ್ಯ ವಿಭಾಗದ ಕಾರ್ಯಪಾಲಕ ಇಂಜಿನಿಯರ್ ತಿಳಿಸಿದ್ದಾರೆ.
